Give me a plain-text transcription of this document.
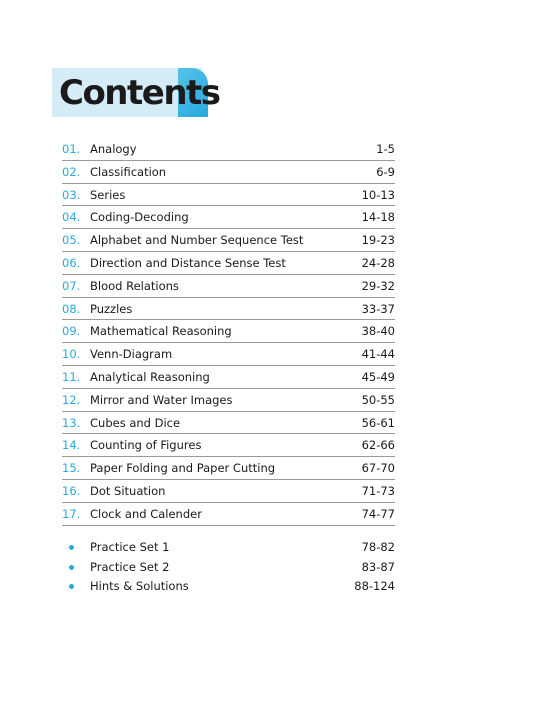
Contents
01. Analogy	1-5
02. Classification	6-9
03. Series	10-13
04. Coding-Decoding	14-18
05. Alphabet and Number Sequence Test	19-23
06. Direction and Distance Sense Test	24-28
07. Blood Relations	29-32
08. Puzzles	33-37
09. Mathematical Reasoning	38-40
10. Venn-Diagram	41-44
11. Analytical Reasoning	45-49
12. Mirror and Water Images	50-55
13. Cubes and Dice	56-61
14. Counting of Figures	62-66
15. Paper Folding and Paper Cutting	67-70
16. Dot Situation	71-73
17. Clock and Calender	74-77
Practice Set 1	78-82
Practice Set 2	83-87
Hints & Solutions	88-124
